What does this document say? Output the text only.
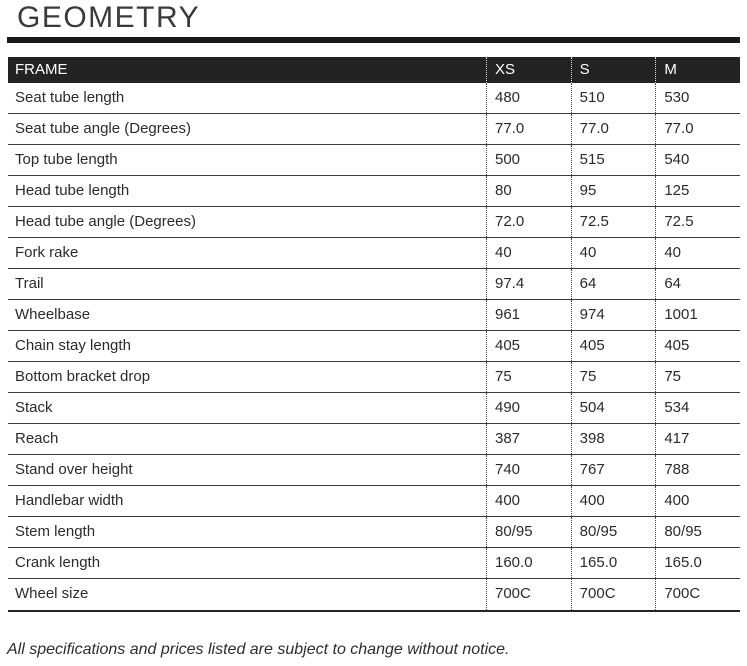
GEOMETRY
FRAME	XS	S	M
Seat tube length	480	510	530
Seat tube angle (Degrees)	77.0	77.0	77.0
Top tube length	500	515	540
Head tube length	80	95	125
Head tube angle (Degrees)	72.0	72.5	72.5
Fork rake	40	40	40
Trail	97.4	64	64
Wheelbase	961	974	1001
Chain stay length	405	405	405
Bottom bracket drop	75	75	75
Stack	490	504	534
Reach	387	398	417
Stand over height	740	767	788
Handlebar width	400	400	400
Stem length	80/95	80/95	80/95
Crank length	160.0	165.0	165.0
Wheel size	700C	700C	700C

All specifications and prices listed are subject to change without notice.
